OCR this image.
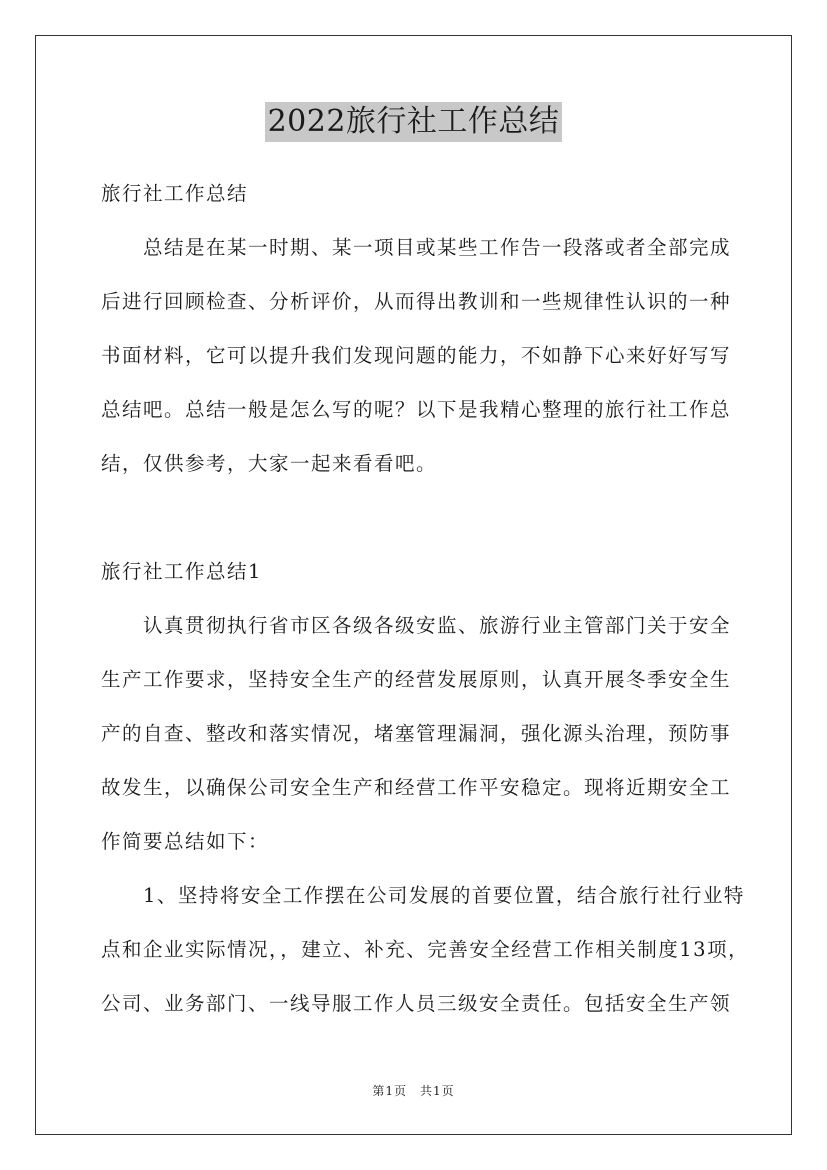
2022旅行社工作总结
旅行社工作总结
　　总结是在某一时期、某一项目或某些工作告一段落或者全部完成
后进行回顾检查、分析评价，从而得出教训和一些规律性认识的一种
书面材料，它可以提升我们发现问题的能力，不如静下心来好好写写
总结吧。总结一般是怎么写的呢？以下是我精心整理的旅行社工作总
结，仅供参考，大家一起来看看吧。
旅行社工作总结1
　　认真贯彻执行省市区各级各级安监、旅游行业主管部门关于安全
生产工作要求，坚持安全生产的经营发展原则，认真开展冬季安全生
产的自查、整改和落实情况，堵塞管理漏洞，强化源头治理，预防事
故发生，以确保公司安全生产和经营工作平安稳定。现将近期安全工
作简要总结如下：
　　1、坚持将安全工作摆在公司发展的首要位置，结合旅行社行业特
点和企业实际情况，，建立、补充、完善安全经营工作相关制度13项，
公司、业务部门、一线导服工作人员三级安全责任。包括安全生产领
第1页　共1页
